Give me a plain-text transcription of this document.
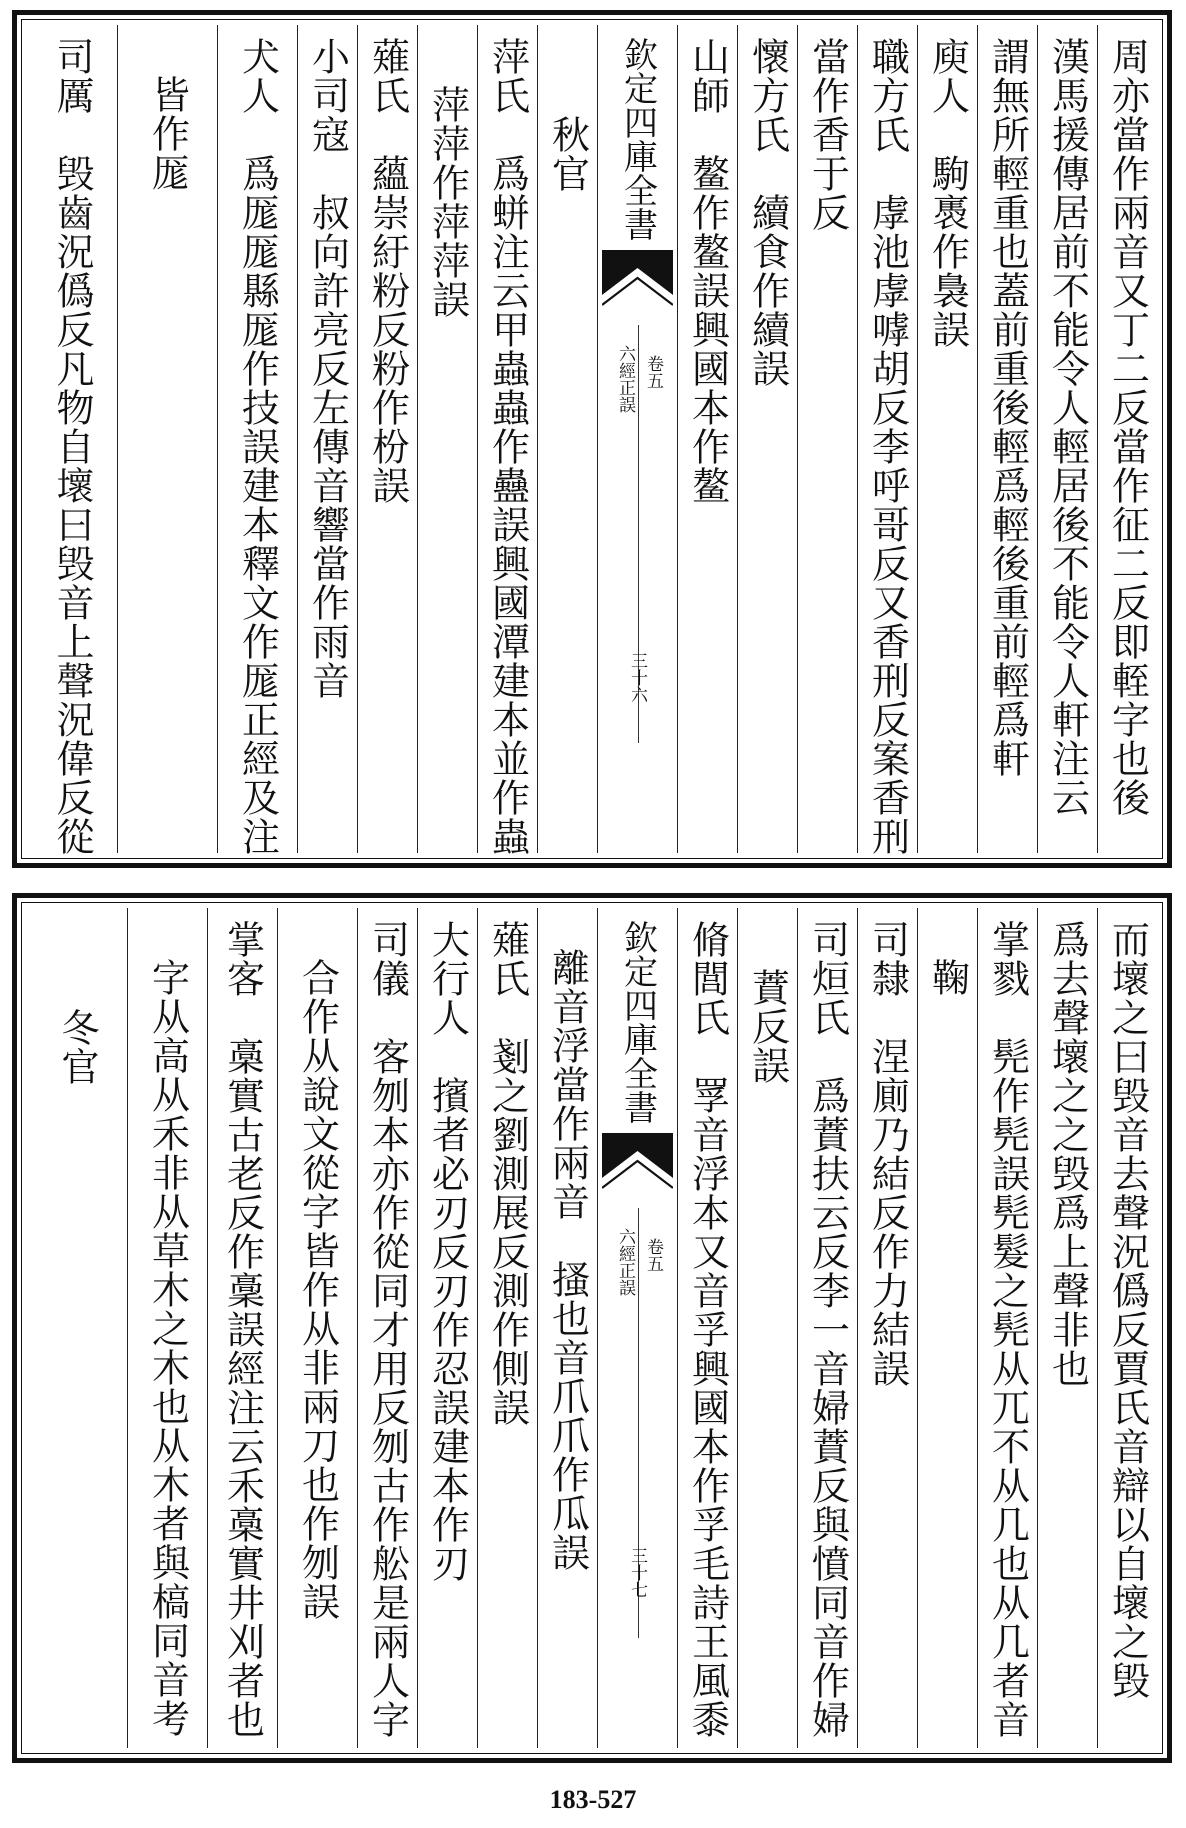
周亦當作兩音又丁二反當作征二反即輊字也後
漢馬援傳居前不能令人輕居後不能令人軒注云
謂無所輕重也蓋前重後輕爲輕後重前輕爲軒
庾人　駒褭作裊誤
職方氏　虖池虖嘑胡反李呼哥反又香刑反案香刑
當作香于反
懷方氏　續食作續誤
山師　鳌作鳌誤興國本作鳌
欽定四庫全書
六經正誤 卷五
三十六
秋官
萍氏　爲蛢注云甲蟲蟲作蠱誤興國潭建本並作蟲
萍萍作萍萍誤
薙氏　蘊崇紆粉反粉作枌誤
小司寇　叔向許亮反左傳音響當作雨音
犬人　爲厖厖縣厖作技誤建本釋文作厖正經及注
皆作厖
司厲　毁齒況僞反凡物自壞曰毁音上聲況偉反從
而壞之曰毁音去聲況僞反賈氏音辯以自壞之毁
爲去聲壞之之毁爲上聲非也
掌戮　髡作髡誤髡髮之髡从兀不从几也从几者音
鞠
司隸　涅廁乃結反作力結誤
司烜氏　爲蕡扶云反李一音婦蕡反與憤同音作婦
蕡反誤
脩閭氏　罦音浮本又音孚興國本作孚毛詩王風黍
欽定四庫全書
六經正誤 卷五
三十七
離音浮當作兩音　搔也音爪爪作瓜誤
薙氏　剗之劉測展反測作側誤
大行人　擯者必刃反刃作忍誤建本作刃
司儀　客刎本亦作從同才用反刎古作舩是兩人字
合作从說文從字皆作从非兩刀也作刎誤
掌客　槀實古老反作稾誤經注云禾槀實井刈者也
字从高从禾非从草木之木也从木者與槁同音考
冬官
183-527
